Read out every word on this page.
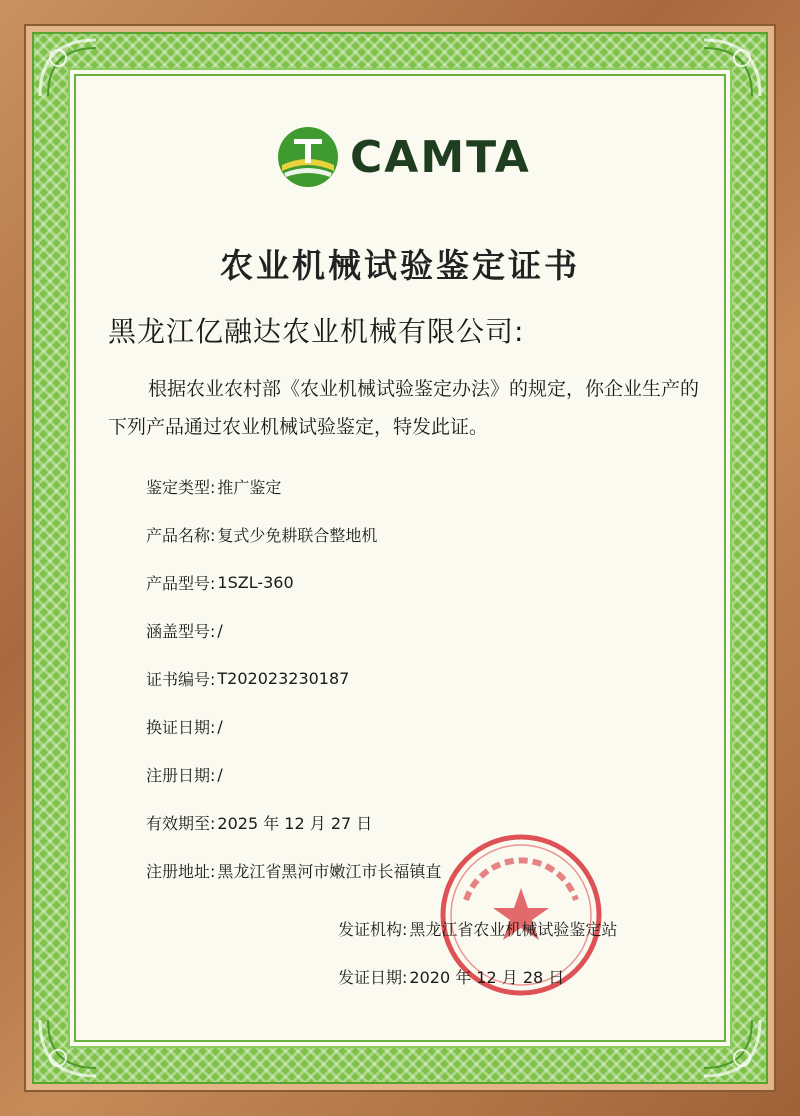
CAMTA
农业机械试验鉴定证书
黑龙江亿融达农业机械有限公司:
根据农业农村部《农业机械试验鉴定办法》的规定，你企业生产的下列产品通过农业机械试验鉴定，特发此证。
鉴定类型: 推广鉴定
产品名称: 复式少免耕联合整地机
产品型号: 1SZL-360
涵盖型号: /
证书编号: T202023230187
换证日期: /
注册日期: /
有效期至: 2025 年 12 月 27 日
注册地址: 黑龙江省黑河市嫩江市长福镇直
发证机构: 黑龙江省农业机械试验鉴定站
发证日期: 2020 年 12 月 28 日
